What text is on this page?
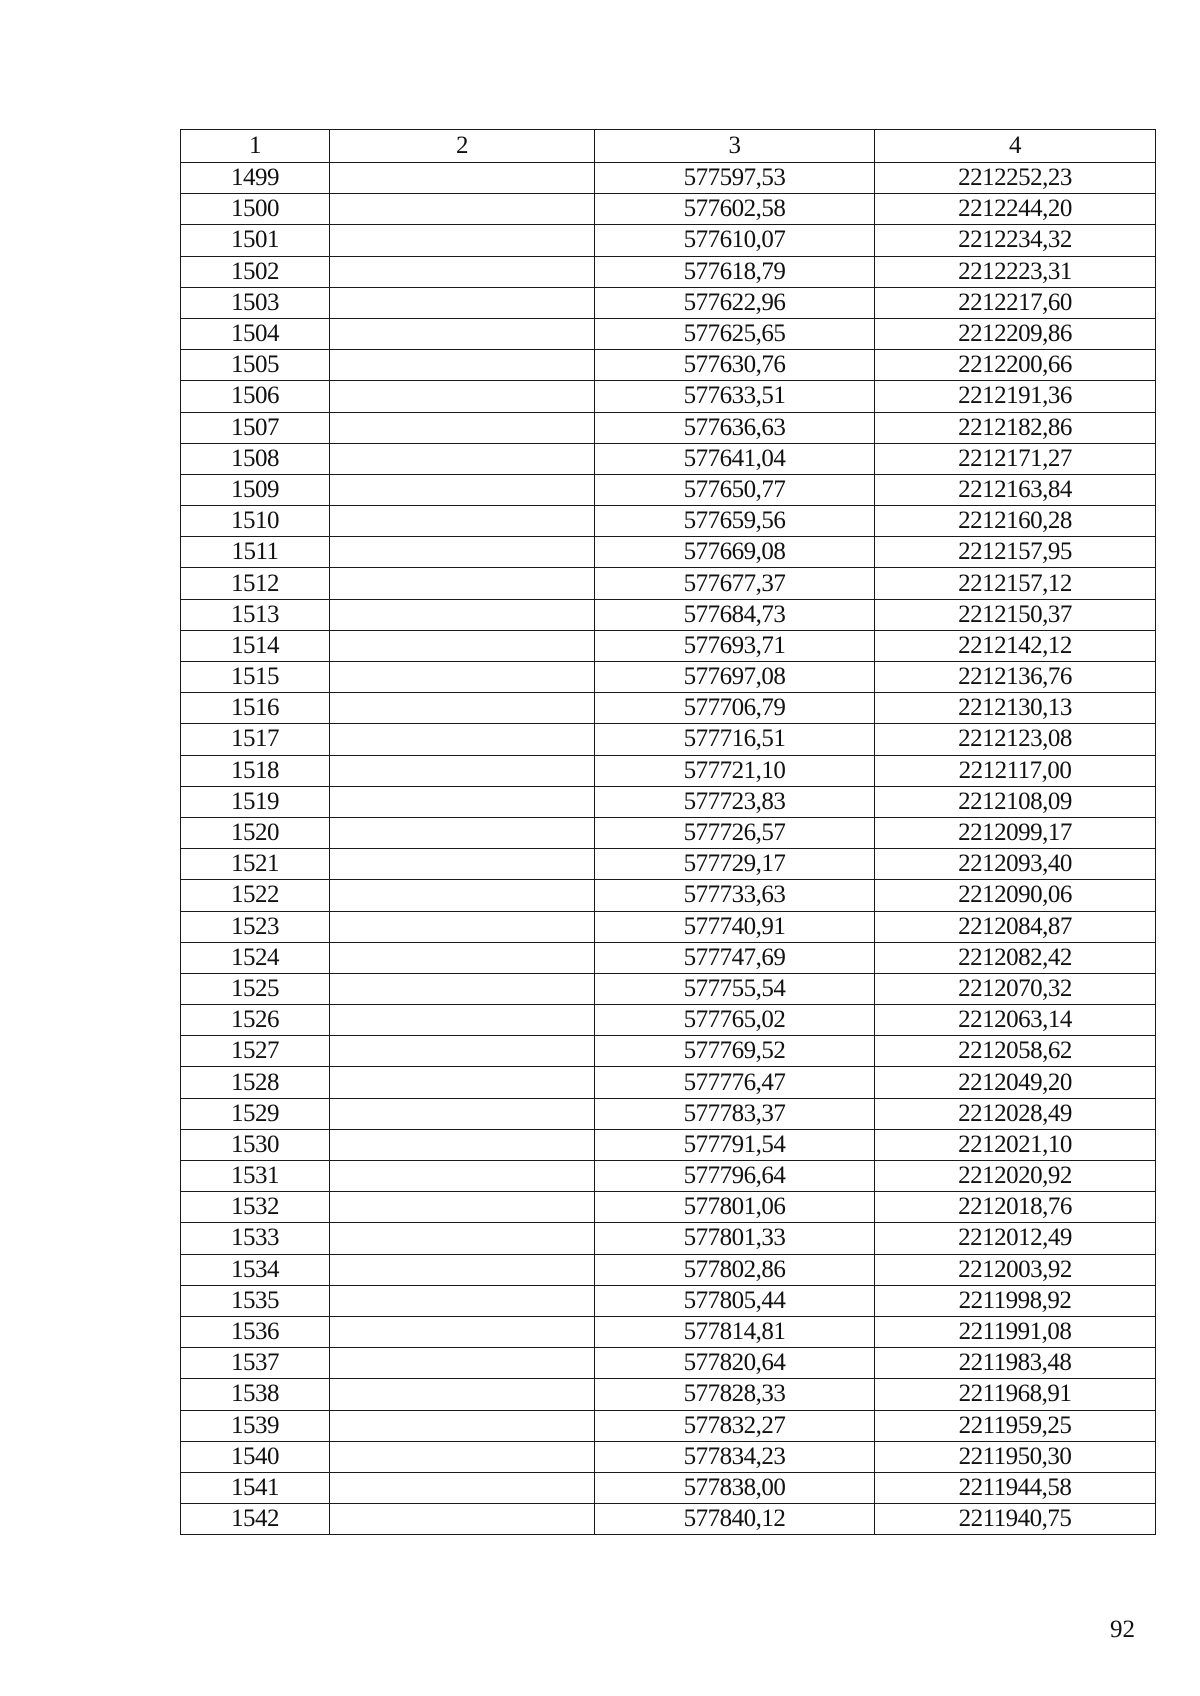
1	2	3	4
1499		577597,53	2212252,23
1500		577602,58	2212244,20
1501		577610,07	2212234,32
1502		577618,79	2212223,31
1503		577622,96	2212217,60
1504		577625,65	2212209,86
1505		577630,76	2212200,66
1506		577633,51	2212191,36
1507		577636,63	2212182,86
1508		577641,04	2212171,27
1509		577650,77	2212163,84
1510		577659,56	2212160,28
1511		577669,08	2212157,95
1512		577677,37	2212157,12
1513		577684,73	2212150,37
1514		577693,71	2212142,12
1515		577697,08	2212136,76
1516		577706,79	2212130,13
1517		577716,51	2212123,08
1518		577721,10	2212117,00
1519		577723,83	2212108,09
1520		577726,57	2212099,17
1521		577729,17	2212093,40
1522		577733,63	2212090,06
1523		577740,91	2212084,87
1524		577747,69	2212082,42
1525		577755,54	2212070,32
1526		577765,02	2212063,14
1527		577769,52	2212058,62
1528		577776,47	2212049,20
1529		577783,37	2212028,49
1530		577791,54	2212021,10
1531		577796,64	2212020,92
1532		577801,06	2212018,76
1533		577801,33	2212012,49
1534		577802,86	2212003,92
1535		577805,44	2211998,92
1536		577814,81	2211991,08
1537		577820,64	2211983,48
1538		577828,33	2211968,91
1539		577832,27	2211959,25
1540		577834,23	2211950,30
1541		577838,00	2211944,58
1542		577840,12	2211940,75
92
